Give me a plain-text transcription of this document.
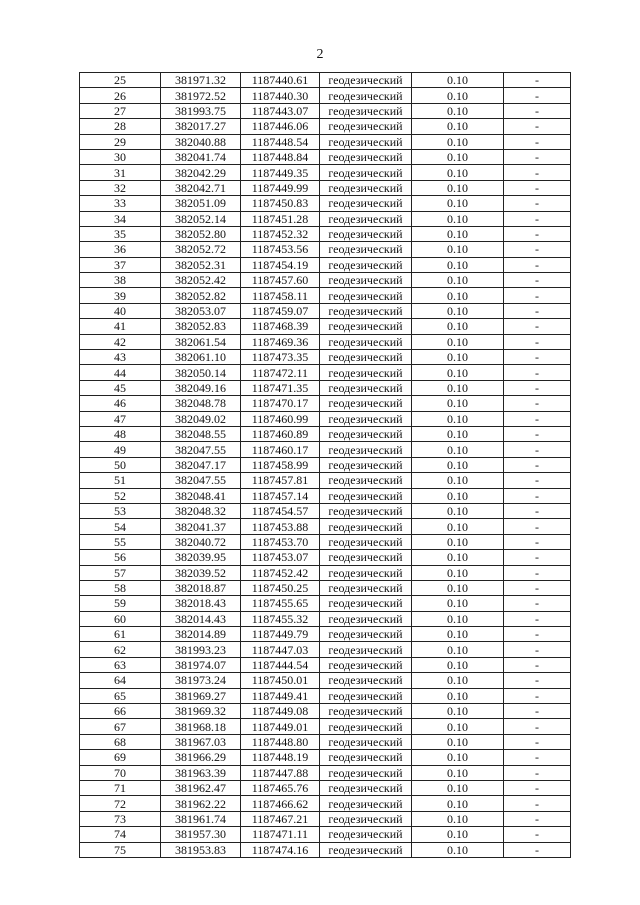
2
25	381971.32	1187440.61	геодезический	0.10	-
26	381972.52	1187440.30	геодезический	0.10	-
27	381993.75	1187443.07	геодезический	0.10	-
28	382017.27	1187446.06	геодезический	0.10	-
29	382040.88	1187448.54	геодезический	0.10	-
30	382041.74	1187448.84	геодезический	0.10	-
31	382042.29	1187449.35	геодезический	0.10	-
32	382042.71	1187449.99	геодезический	0.10	-
33	382051.09	1187450.83	геодезический	0.10	-
34	382052.14	1187451.28	геодезический	0.10	-
35	382052.80	1187452.32	геодезический	0.10	-
36	382052.72	1187453.56	геодезический	0.10	-
37	382052.31	1187454.19	геодезический	0.10	-
38	382052.42	1187457.60	геодезический	0.10	-
39	382052.82	1187458.11	геодезический	0.10	-
40	382053.07	1187459.07	геодезический	0.10	-
41	382052.83	1187468.39	геодезический	0.10	-
42	382061.54	1187469.36	геодезический	0.10	-
43	382061.10	1187473.35	геодезический	0.10	-
44	382050.14	1187472.11	геодезический	0.10	-
45	382049.16	1187471.35	геодезический	0.10	-
46	382048.78	1187470.17	геодезический	0.10	-
47	382049.02	1187460.99	геодезический	0.10	-
48	382048.55	1187460.89	геодезический	0.10	-
49	382047.55	1187460.17	геодезический	0.10	-
50	382047.17	1187458.99	геодезический	0.10	-
51	382047.55	1187457.81	геодезический	0.10	-
52	382048.41	1187457.14	геодезический	0.10	-
53	382048.32	1187454.57	геодезический	0.10	-
54	382041.37	1187453.88	геодезический	0.10	-
55	382040.72	1187453.70	геодезический	0.10	-
56	382039.95	1187453.07	геодезический	0.10	-
57	382039.52	1187452.42	геодезический	0.10	-
58	382018.87	1187450.25	геодезический	0.10	-
59	382018.43	1187455.65	геодезический	0.10	-
60	382014.43	1187455.32	геодезический	0.10	-
61	382014.89	1187449.79	геодезический	0.10	-
62	381993.23	1187447.03	геодезический	0.10	-
63	381974.07	1187444.54	геодезический	0.10	-
64	381973.24	1187450.01	геодезический	0.10	-
65	381969.27	1187449.41	геодезический	0.10	-
66	381969.32	1187449.08	геодезический	0.10	-
67	381968.18	1187449.01	геодезический	0.10	-
68	381967.03	1187448.80	геодезический	0.10	-
69	381966.29	1187448.19	геодезический	0.10	-
70	381963.39	1187447.88	геодезический	0.10	-
71	381962.47	1187465.76	геодезический	0.10	-
72	381962.22	1187466.62	геодезический	0.10	-
73	381961.74	1187467.21	геодезический	0.10	-
74	381957.30	1187471.11	геодезический	0.10	-
75	381953.83	1187474.16	геодезический	0.10	-
